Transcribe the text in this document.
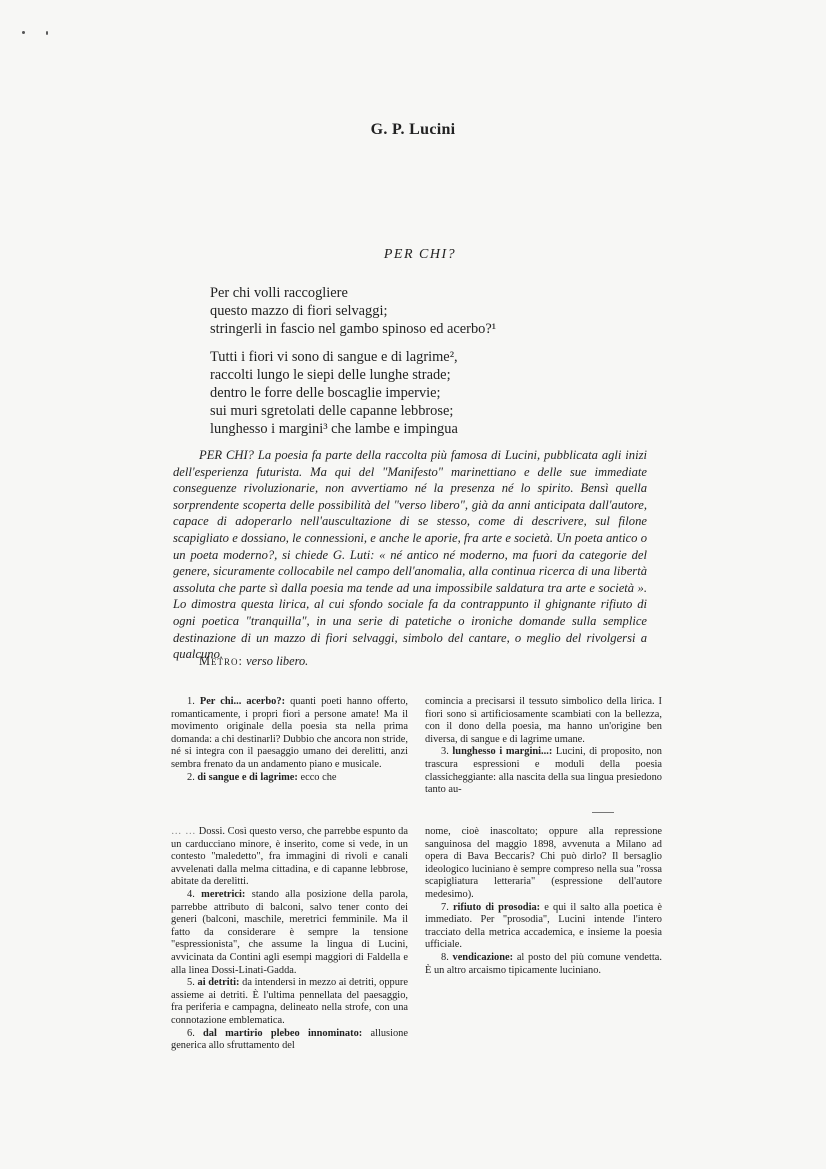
G. P. Lucini
PER CHI?
Per chi volli raccogliere
questo mazzo di fiori selvaggi;
stringerli in fascio nel gambo spinoso ed acerbo?¹
Tutti i fiori vi sono di sangue e di lagrime²,
raccolti lungo le siepi delle lunghe strade;
dentro le forre delle boscaglie impervie;
sui muri sgretolati delle capanne lebbrose;
lunghesso i margini³ che lambe e impingua

PER CHI? La poesia fa parte della raccolta più famosa di Lucini, pubblicata agli inizi dell'esperienza futurista. Ma qui del "Manifesto" marinettiano e delle sue immediate conseguenze rivoluzionarie, non avvertiamo né la presenza né lo spirito. Bensì quella sorprendente scoperta delle possibilità del "verso libero", già da anni anticipata dall'autore, capace di adoperarlo nell'auscultazione di se stesso, come di descrivere, sul filone scapigliato e dossiano, le connessioni, e anche le aporie, fra arte e società. Un poeta antico o un poeta moderno?, si chiede G. Luti: « né antico né moderno, ma fuori da categorie del genere, sicuramente collocabile nel campo dell'anomalia, alla continua ricerca di una libertà assoluta che parte sì dalla poesia ma tende ad una impossibile saldatura tra arte e società ». Lo dimostra questa lirica, al cui sfondo sociale fa da contrappunto il ghignante rifiuto di ogni poetica "tranquilla", in una serie di patetiche o ironiche domande sulla semplice destinazione di un mazzo di fiori selvaggi, simbolo del cantare, o meglio del rivolgersi a qualcuno.

Metro: verso libero.

1. Per chi... acerbo?: quanti poeti hanno offerto, romanticamente, i propri fiori a persone amate! Ma il movimento originale della poesia sta nella prima domanda: a chi destinarli? Dubbio che ancora non stride, né si integra con il paesaggio umano dei derelitti, anzi sembra frenato da un andamento piano e musicale.

2. di sangue e di lagrime: ecco che

comincia a precisarsi il tessuto simbolico della lirica. I fiori sono sì artificiosamente scambiati con la bellezza, con il dono della poesia, ma hanno un'origine ben diversa, di sangue e di lagrime umane.

3. lunghesso i margini...: Lucini, di proposito, non trascura espressioni e moduli della poesia classicheggiante: alla nascita della sua lingua presiedono tanto au-

… … Dossi. Così questo verso, che parrebbe espunto da un carducciano minore, è inserito, come si vede, in un contesto "maledetto", fra immagini di rivoli e canali avvelenati dalla melma cittadina, e di capanne lebbrose, abitate da derelitti.

4. meretrici: stando alla posizione della parola, parrebbe attributo di balconi, salvo tener conto dei generi (balconi, maschile, meretrici femminile. Ma il fatto da considerare è sempre la tensione "espressionista", che assume la lingua di Lucini, avvicinata da Contini agli esempi maggiori di Faldella e alla linea Dossi-Linati-Gadda.

5. ai detriti: da intendersi in mezzo ai detriti, oppure assieme ai detriti. È l'ultima pennellata del paesaggio, fra periferia e campagna, delineato nella strofe, con una connotazione emblematica.

6. dal martirio plebeo innominato: allusione generica allo sfruttamento del

nome, cioè inascoltato; oppure alla repressione sanguinosa del maggio 1898, avvenuta a Milano ad opera di Bava Beccaris? Chi può dirlo? Il bersaglio ideologico luciniano è sempre compreso nella sua "rossa scapigliatura letteraria" (espressione dell'autore medesimo).

7. rifiuto di prosodia: e qui il salto alla poetica è immediato. Per "prosodia", Lucini intende l'intero tracciato della metrica accademica, e insieme la poesia ufficiale.

8. vendicazione: al posto del più comune vendetta. È un altro arcaismo tipicamente luciniano.
